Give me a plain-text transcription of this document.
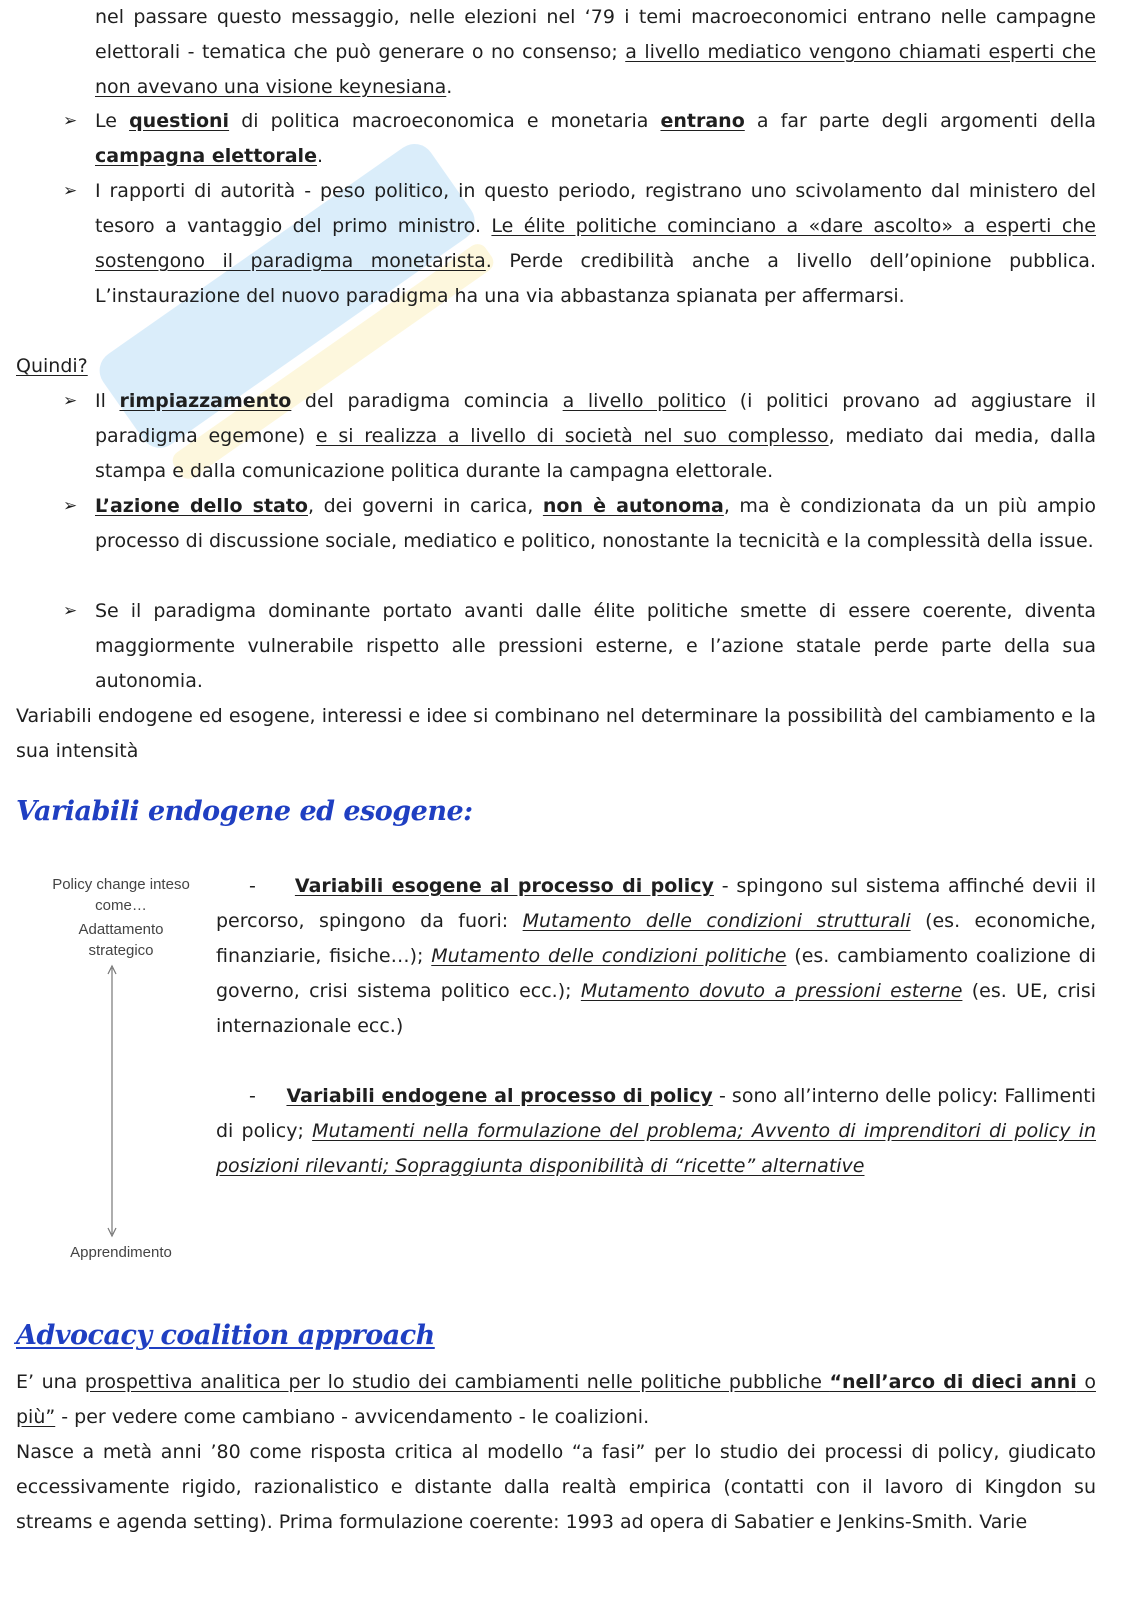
nel passare questo messaggio, nelle elezioni nel ‘79 i temi macroeconomici entrano nelle campagne elettorali - tematica che può generare o no consenso; a livello mediatico vengono chiamati esperti che non avevano una visione keynesiana.
➢ Le questioni di politica macroeconomica e monetaria entrano a far parte degli argomenti della campagna elettorale.
➢ I rapporti di autorità - peso politico, in questo periodo, registrano uno scivolamento dal ministero del tesoro a vantaggio del primo ministro. Le élite politiche cominciano a «dare ascolto» a esperti che sostengono il paradigma monetarista. Perde credibilità anche a livello dell’opinione pubblica. L’instaurazione del nuovo paradigma ha una via abbastanza spianata per affermarsi.
Quindi?
➢ Il rimpiazzamento del paradigma comincia a livello politico (i politici provano ad aggiustare il paradigma egemone) e si realizza a livello di società nel suo complesso, mediato dai media, dalla stampa e dalla comunicazione politica durante la campagna elettorale.
➢ L’azione dello stato, dei governi in carica, non è autonoma, ma è condizionata da un più ampio processo di discussione sociale, mediatico e politico, nonostante la tecnicità e la complessità della issue.
➢ Se il paradigma dominante portato avanti dalle élite politiche smette di essere coerente, diventa maggiormente vulnerabile rispetto alle pressioni esterne, e l’azione statale perde parte della sua autonomia.
Variabili endogene ed esogene, interessi e idee si combinano nel determinare la possibilità del cambiamento e la sua intensità
Variabili endogene ed esogene:
Policy change inteso
come…
Adattamento
strategico
Apprendimento
- Variabili esogene al processo di policy - spingono sul sistema affinché devii il percorso, spingono da fuori: Mutamento delle condizioni strutturali (es. economiche, finanziarie, fisiche…); Mutamento delle condizioni politiche (es. cambiamento coalizione di governo, crisi sistema politico ecc.); Mutamento dovuto a pressioni esterne (es. UE, crisi internazionale ecc.)
- Variabili endogene al processo di policy - sono all’interno delle policy: Fallimenti di policy; Mutamenti nella formulazione del problema; Avvento di imprenditori di policy in posizioni rilevanti; Sopraggiunta disponibilità di “ricette” alternative
Advocacy coalition approach
E’ una prospettiva analitica per lo studio dei cambiamenti nelle politiche pubbliche “nell’arco di dieci anni o più” - per vedere come cambiano - avvicendamento - le coalizioni.
Nasce a metà anni ’80 come risposta critica al modello “a fasi” per lo studio dei processi di policy, giudicato eccessivamente rigido, razionalistico e distante dalla realtà empirica (contatti con il lavoro di Kingdon su streams e agenda setting). Prima formulazione coerente: 1993 ad opera di Sabatier e Jenkins-Smith. Varie
